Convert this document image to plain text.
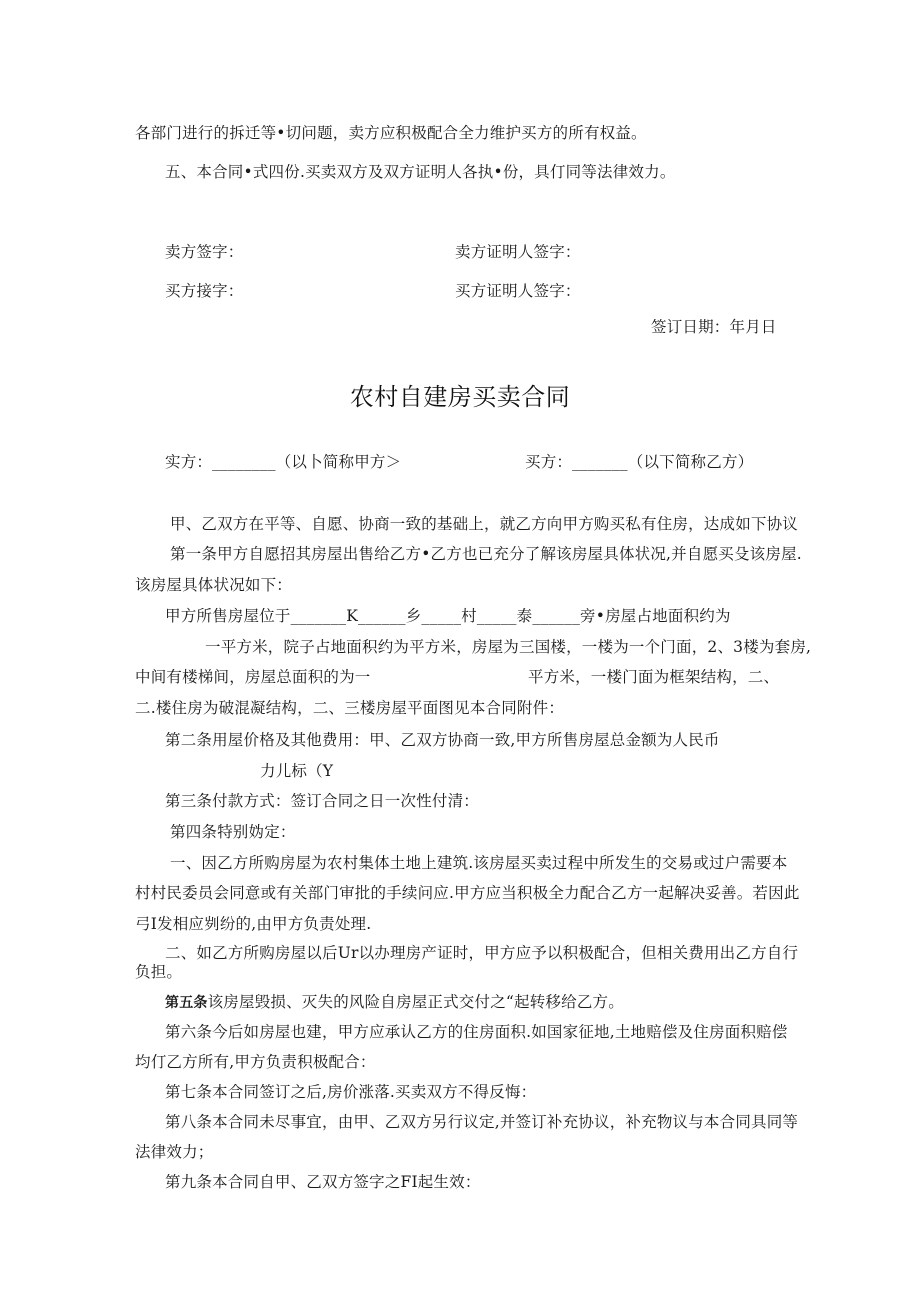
各部门进行的拆迁等•切问题，卖方应积极配合全力维护买方的所有权益。
五、本合同•式四份.买卖双方及双方证明人各执•份，具仃同等法律效力。
卖方签字：	卖方证明人签字：
买方接字：	买方证明人签字：
签订日期：年月日
农村自建房买卖合同
实方：________（以卜简称甲方＞	买方：_______（以下简称乙方）
甲、乙双方在平等、自愿、协商一致的基础上，就乙方向甲方购买私有住房，达成如下协议
第一条甲方自愿招其房屋出售给乙方•乙方也已充分了解该房屋具体状况,并自愿买殳该房屋.
该房屋具体状况如下：
甲方所售房屋位于_______K______乡_____村_____泰______旁•房屋占地面积约为
一平方米，院子占地面积约为平方米，房屋为三国楼，一楼为一个门面，2、3楼为套房,
中间有楼梯间，房屋总面积的为一	平方米，一楼门面为框架结构，二、
二.楼住房为破混凝结构，二、三楼房屋平面图见本合同附件：
第二条用屋价格及其他费用：甲、乙双方协商一致,甲方所售房屋总金额为人民币
力儿标（Y
第三条付款方式：签订合同之日一次性付清：
第四条特别妫定：
一、因乙方所购房屋为农村集体土地上建筑.该房屋买卖过程中所发生的交易或过户需要本
村村民委员会同意或有关部门审批的手续问应.甲方应当积极全力配合乙方一起解决妥善。若因此
弓I发相应刿纷的,由甲方负责处理.
二、如乙方所购房屋以后Ur以办理房产证时，甲方应予以积极配合，但相关费用出乙方自行
负担。
第五条该房屋毁损、灭失的风险自房屋正式交付之“起转移给乙方。
第六条今后如房屋也建，甲方应承认乙方的住房面积.如国家征地,土地赔偿及住房面积赔偿
均仃乙方所有,甲方负责积极配合：
第七条本合同签订之后,房价涨落.买卖双方不得反悔：
第八条本合同未尽事宜，由甲、乙双方另行议定,并签订补充协议，补充物议与本合同具同等
法律效力；
第九条本合同自甲、乙双方签字之FI起生效：
